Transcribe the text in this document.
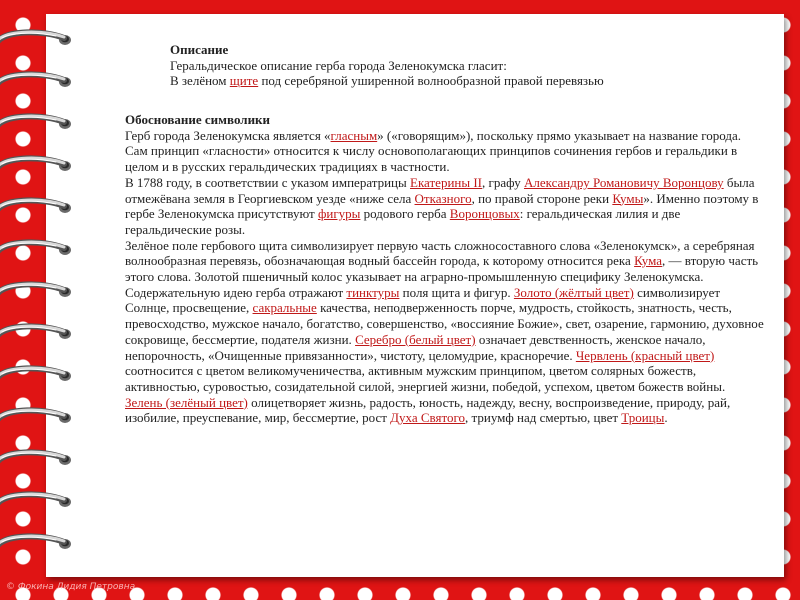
Описание

Геральдическое описание герба города Зеленокумска гласит:

В зелёном щите под серебряной уширенной волнообразной правой перевязью

Обоснование символики

Герб города Зеленокумска является «гласным» («говорящим»), поскольку прямо указывает на название города. Сам принцип «гласности» относится к числу основополагающих принципов сочинения гербов и геральдики в целом и в русских геральдических традициях в частности.

В 1788 году, в соответствии с указом императрицы Екатерины II, графу Александру Романовичу Воронцову была отмежёвана земля в Георгиевском уезде «ниже села Отказного, по правой стороне реки Кумы». Именно поэтому в гербе Зеленокумска присутствуют фигуры родового герба Воронцовых: геральдическая лилия и две геральдические розы.

Зелёное поле гербового щита символизирует первую часть сложносоставного слова «Зеленокумск», а серебряная волнообразная перевязь, обозначающая водный бассейн города, к которому относится река Кума, — вторую часть этого слова. Золотой пшеничный колос указывает на аграрно-промышленную специфику Зеленокумска.

Содержательную идею герба отражают тинктуры поля щита и фигур. Золото (жёлтый цвет) символизирует Солнце, просвещение, сакральные качества, неподверженность порче, мудрость, стойкость, знатность, честь, превосходство, мужское начало, богатство, совершенство, «воссияние Божие», свет, озарение, гармонию, духовное сокровище, бессмертие, подателя жизни. Серебро (белый цвет) означает девственность, женское начало, непорочность, «Очищенные привязанности», чистоту, целомудрие, красноречие. Червлень (красный цвет) соотносится с цветом великомученичества, активным мужским принципом, цветом солярных божеств, активностью, суровостью, созидательной силой, энергией жизни, победой, успехом, цветом божеств войны. Зелень (зелёный цвет) олицетворяет жизнь, радость, юность, надежду, весну, воспроизведение, природу, рай, изобилие, преуспевание, мир, бессмертие, рост Духа Святого, триумф над смертью, цвет Троицы.

© Фокина Лидия Петровна
